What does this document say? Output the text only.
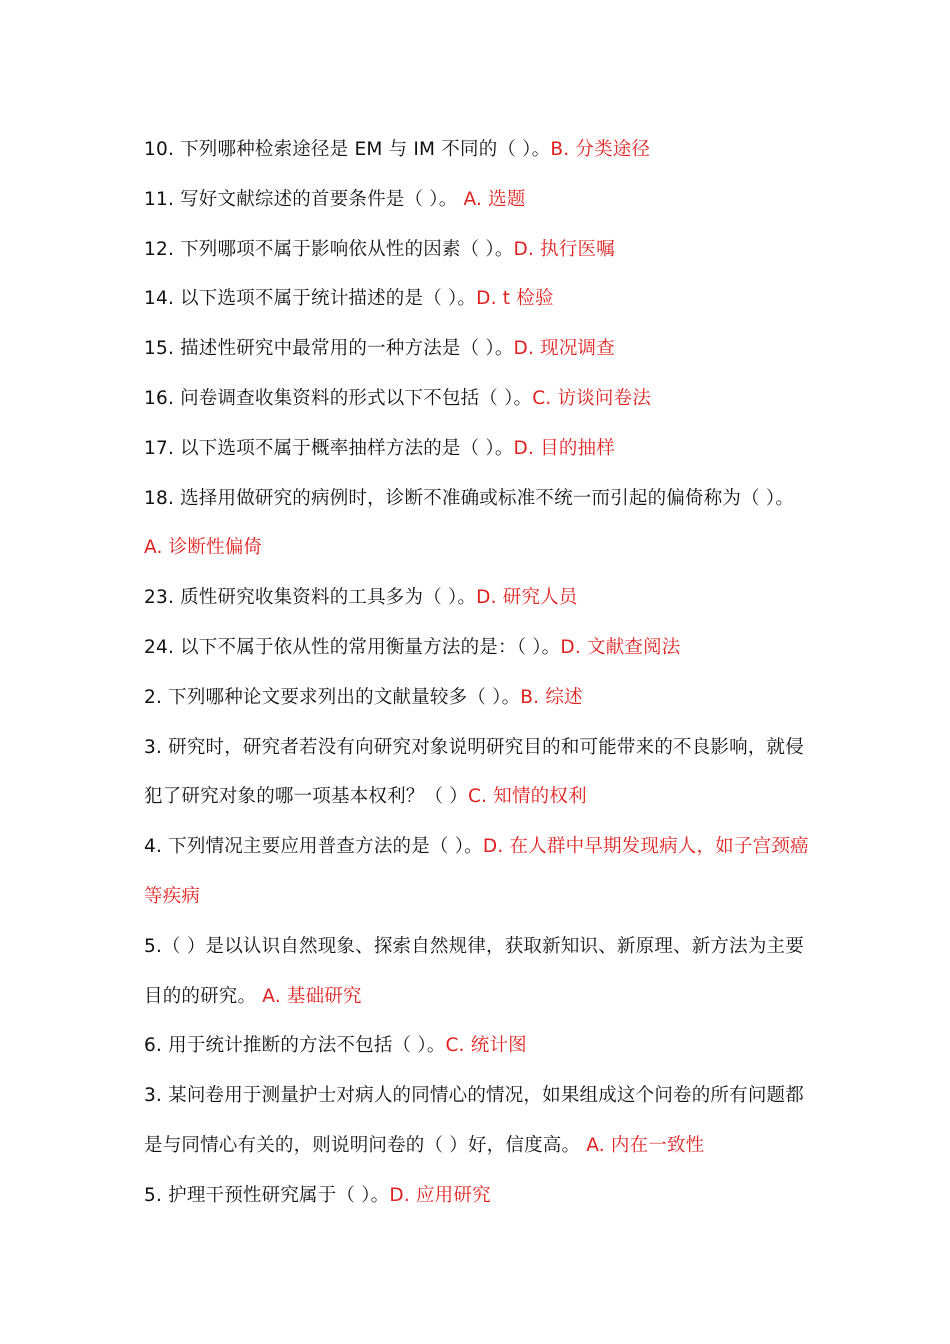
10. 下列哪种检索途径是 EM 与 IM 不同的（ ）。B. 分类途径

11. 写好文献综述的首要条件是（ ）。 A. 选题

12. 下列哪项不属于影响依从性的因素（ ）。D. 执行医嘱

14. 以下选项不属于统计描述的是（ ）。D. t 检验

15. 描述性研究中最常用的一种方法是（ ）。D. 现况调查

16. 问卷调查收集资料的形式以下不包括（ ）。C. 访谈问卷法

17. 以下选项不属于概率抽样方法的是（ ）。D. 目的抽样

18. 选择用做研究的病例时，诊断不准确或标准不统一而引起的偏倚称为（ ）。
A. 诊断性偏倚

23. 质性研究收集资料的工具多为（ ）。D. 研究人员

24. 以下不属于依从性的常用衡量方法的是：（ ）。D. 文献查阅法

2. 下列哪种论文要求列出的文献量较多（ ）。B. 综述

3. 研究时，研究者若没有向研究对象说明研究目的和可能带来的不良影响，就侵犯了研究对象的哪一项基本权利？（ ）C. 知情的权利

4. 下列情况主要应用普查方法的是（ ）。D. 在人群中早期发现病人，如子宫颈癌等疾病

5.（ ）是以认识自然现象、探索自然规律，获取新知识、新原理、新方法为主要目的的研究。 A. 基础研究

6. 用于统计推断的方法不包括（ ）。C. 统计图

3. 某问卷用于测量护士对病人的同情心的情况，如果组成这个问卷的所有问题都是与同情心有关的，则说明问卷的（ ）好，信度高。 A. 内在一致性

5. 护理干预性研究属于（ ）。D. 应用研究
